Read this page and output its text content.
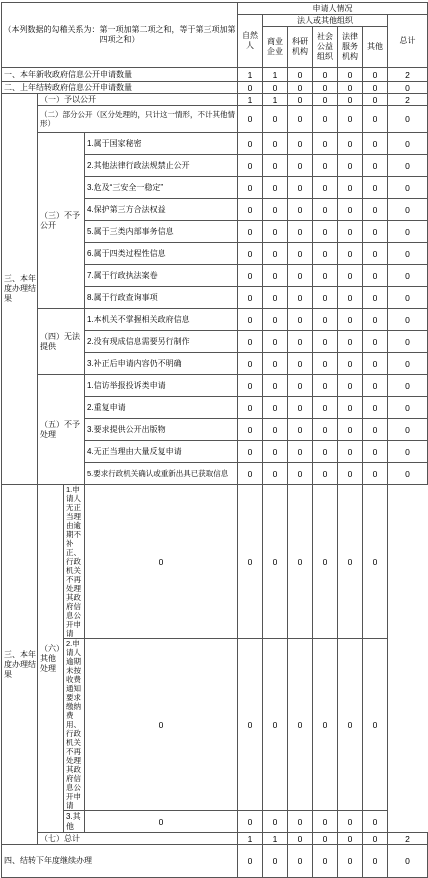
（本列数据的勾稽关系为：第一项加第二项之和，等于第三项加第四项之和）				申请人情况						
				自然人	法人或其他组织					总计
					商业企业	科研机构	社会公益组织	法律服务机构	其他	
一、本年新收政府信息公开申请数量				1	1	0	0	0	0	2
二、上年结转政府信息公开申请数量				0	0	0	0	0	0	0
三、本年度办理结果	（一）予以公开			1	1	0	0	0	0	2
	（二）部分公开（区分处理的，只计这一情形，不计其他情形）			0	0	0	0	0	0	0
	（三）不予公开		1.属于国家秘密	0	0	0	0	0	0	0
			2.其他法律行政法规禁止公开	0	0	0	0	0	0	0
			3.危及“三安全一稳定”	0	0	0	0	0	0	0
			4.保护第三方合法权益	0	0	0	0	0	0	0
			5.属于三类内部事务信息	0	0	0	0	0	0	0
			6.属于四类过程性信息	0	0	0	0	0	0	0
			7.属于行政执法案卷	0	0	0	0	0	0	0
			8.属于行政查询事项	0	0	0	0	0	0	0
	（四）无法提供		1.本机关不掌握相关政府信息	0	0	0	0	0	0	0
			2.没有现成信息需要另行制作	0	0	0	0	0	0	0
			3.补正后申请内容仍不明确	0	0	0	0	0	0	0
	（五）不予处理		1.信访举报投诉类申请	0	0	0	0	0	0	0
			2.重复申请	0	0	0	0	0	0	0
			3.要求提供公开出版物	0	0	0	0	0	0	0
			4.无正当理由大量反复申请	0	0	0	0	0	0	0
			5.要求行政机关确认或重新出具已获取信息	0	0	0	0	0	0	0
三、本年度办理结果	（六）其他处理	1.申请人无正当理由逾期不补正、行政机关不再处理其政府信息公开申请	0	0	0	0	0	0	0	
		2.申请人逾期未按收费通知要求缴纳费用、行政机关不再处理其政府信息公开申请	0	0	0	0	0	0	0	
		3.其他	0	0	0	0	0	0	0	
	（七）总计			1	1	0	0	0	0	2
四、结转下年度继续办理				0	0	0	0	0	0	0
